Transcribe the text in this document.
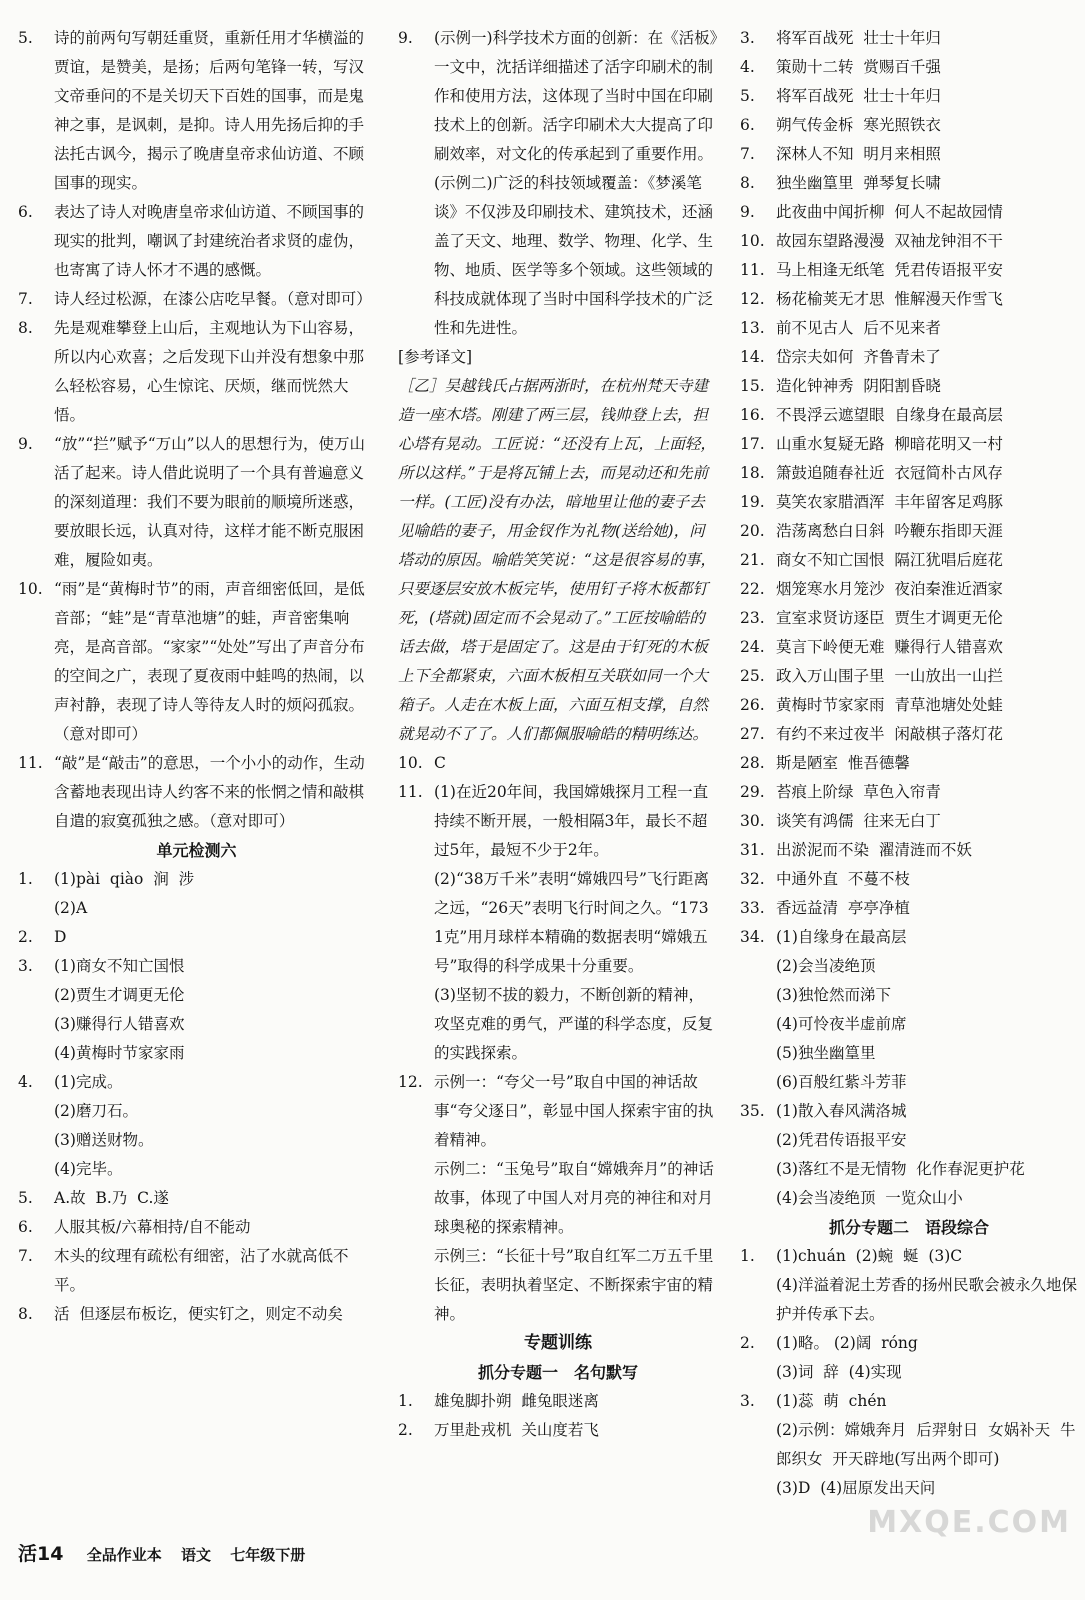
5. 诗的前两句写朝廷重贤，重新任用才华横溢的贾谊，是赞美，是扬；后两句笔锋一转，写汉文帝垂问的不是关切天下百姓的国事，而是鬼神之事，是讽刺，是抑。诗人用先扬后抑的手法托古讽今，揭示了晚唐皇帝求仙访道、不顾国事的现实。
6. 表达了诗人对晚唐皇帝求仙访道、不顾国事的现实的批判，嘲讽了封建统治者求贤的虚伪，也寄寓了诗人怀才不遇的感慨。
7. 诗人经过松源，在漆公店吃早餐。（意对即可）
8. 先是观难攀登上山后，主观地认为下山容易，所以内心欢喜；之后发现下山并没有想象中那么轻松容易，心生惊诧、厌烦，继而恍然大悟。
9. “放”“拦”赋予“万山”以人的思想行为，使万山活了起来。诗人借此说明了一个具有普遍意义的深刻道理：我们不要为眼前的顺境所迷惑，要放眼长远，认真对待，这样才能不断克服困难，履险如夷。
10. “雨”是“黄梅时节”的雨，声音细密低回，是低音部；“蛙”是“青草池塘”的蛙，声音密集响亮，是高音部。“家家”“处处”写出了声音分布的空间之广，表现了夏夜雨中蛙鸣的热闹，以声衬静，表现了诗人等待友人时的烦闷孤寂。（意对即可）
11. “敲”是“敲击”的意思，一个小小的动作，生动含蓄地表现出诗人约客不来的怅惘之情和敲棋自遣的寂寞孤独之感。（意对即可）
单元检测六
1. (1)pài  qiào  涧  涉
(2)A
2. D
3. (1)商女不知亡国恨
(2)贾生才调更无伦
(3)赚得行人错喜欢
(4)黄梅时节家家雨
4. (1)完成。
(2)磨刀石。
(3)赠送财物。
(4)完毕。
5. A.故  B.乃  C.遂
6. 人服其板/六幕相持/自不能动
7. 木头的纹理有疏松有细密，沾了水就高低不平。
8. 活  但逐层布板讫，便实钉之，则定不动矣
9. (示例一)科学技术方面的创新：在《活板》一文中，沈括详细描述了活字印刷术的制作和使用方法，这体现了当时中国在印刷技术上的创新。活字印刷术大大提高了印刷效率，对文化的传承起到了重要作用。
(示例二)广泛的科技领域覆盖：《梦溪笔谈》不仅涉及印刷技术、建筑技术，还涵盖了天文、地理、数学、物理、化学、生物、地质、医学等多个领域。这些领域的科技成就体现了当时中国科学技术的广泛性和先进性。
[参考译文]
［乙］吴越钱氏占据两浙时，在杭州梵天寺建造一座木塔。刚建了两三层，钱帅登上去，担心塔有晃动。工匠说：“还没有上瓦，上面轻，所以这样。”于是将瓦铺上去，而晃动还和先前一样。(工匠)没有办法，暗地里让他的妻子去见喻皓的妻子，用金钗作为礼物(送给她)，问塔动的原因。喻皓笑笑说：“这是很容易的事，只要逐层安放木板完毕，使用钉子将木板都钉死，(塔就)固定而不会晃动了。”工匠按喻皓的话去做，塔于是固定了。这是由于钉死的木板上下全都紧束，六面木板相互关联如同一个大箱子。人走在木板上面，六面互相支撑，自然就晃动不了了。人们都佩服喻皓的精明练达。
10. C
11. (1)在近20年间，我国嫦娥探月工程一直持续不断开展，一般相隔3年，最长不超过5年，最短不少于2年。
(2)“38万千米”表明“嫦娥四号”飞行距离之远，“26天”表明飞行时间之久。“1731克”用月球样本精确的数据表明“嫦娥五号”取得的科学成果十分重要。
(3)坚韧不拔的毅力，不断创新的精神，攻坚克难的勇气，严谨的科学态度，反复的实践探索。
12. 示例一：“夸父一号”取自中国的神话故事“夸父逐日”，彰显中国人探索宇宙的执着精神。
示例二：“玉兔号”取自“嫦娥奔月”的神话故事，体现了中国人对月亮的神往和对月球奥秘的探索精神。
示例三：“长征十号”取自红军二万五千里长征，表明执着坚定、不断探索宇宙的精神。
专题训练
抓分专题一　名句默写
1. 雄兔脚扑朔  雌兔眼迷离
2. 万里赴戎机  关山度若飞
3. 将军百战死  壮士十年归
4. 策勋十二转  赏赐百千强
5. 将军百战死  壮士十年归
6. 朔气传金柝  寒光照铁衣
7. 深林人不知  明月来相照
8. 独坐幽篁里  弹琴复长啸
9. 此夜曲中闻折柳  何人不起故园情
10. 故园东望路漫漫  双袖龙钟泪不干
11. 马上相逢无纸笔  凭君传语报平安
12. 杨花榆荚无才思  惟解漫天作雪飞
13. 前不见古人  后不见来者
14. 岱宗夫如何  齐鲁青未了
15. 造化钟神秀  阴阳割昏晓
16. 不畏浮云遮望眼  自缘身在最高层
17. 山重水复疑无路  柳暗花明又一村
18. 箫鼓追随春社近  衣冠简朴古风存
19. 莫笑农家腊酒浑  丰年留客足鸡豚
20. 浩荡离愁白日斜  吟鞭东指即天涯
21. 商女不知亡国恨  隔江犹唱后庭花
22. 烟笼寒水月笼沙  夜泊秦淮近酒家
23. 宣室求贤访逐臣  贾生才调更无伦
24. 莫言下岭便无难  赚得行人错喜欢
25. 政入万山围子里  一山放出一山拦
26. 黄梅时节家家雨  青草池塘处处蛙
27. 有约不来过夜半  闲敲棋子落灯花
28. 斯是陋室  惟吾德馨
29. 苔痕上阶绿  草色入帘青
30. 谈笑有鸿儒  往来无白丁
31. 出淤泥而不染  濯清涟而不妖
32. 中通外直  不蔓不枝
33. 香远益清  亭亭净植
34. (1)自缘身在最高层
(2)会当凌绝顶
(3)独怆然而涕下
(4)可怜夜半虚前席
(5)独坐幽篁里
(6)百般红紫斗芳菲
35. (1)散入春风满洛城
(2)凭君传语报平安
(3)落红不是无情物  化作春泥更护花
(4)会当凌绝顶  一览众山小
抓分专题二　语段综合
1. (1)chuán  (2)蜿  蜒  (3)C
(4)洋溢着泥土芳香的扬州民歌会被永久地保护并传承下去。
2. (1)略。 (2)阔  róng
(3)词  辞  (4)实现
3. (1)蕊  萌  chén
(2)示例：嫦娥奔月  后羿射日  女娲补天  牛郎织女  开天辟地(写出两个即可)
(3)D  (4)屈原发出天问
活14 全品作业本 语文 七年级下册
MXQE.COM
